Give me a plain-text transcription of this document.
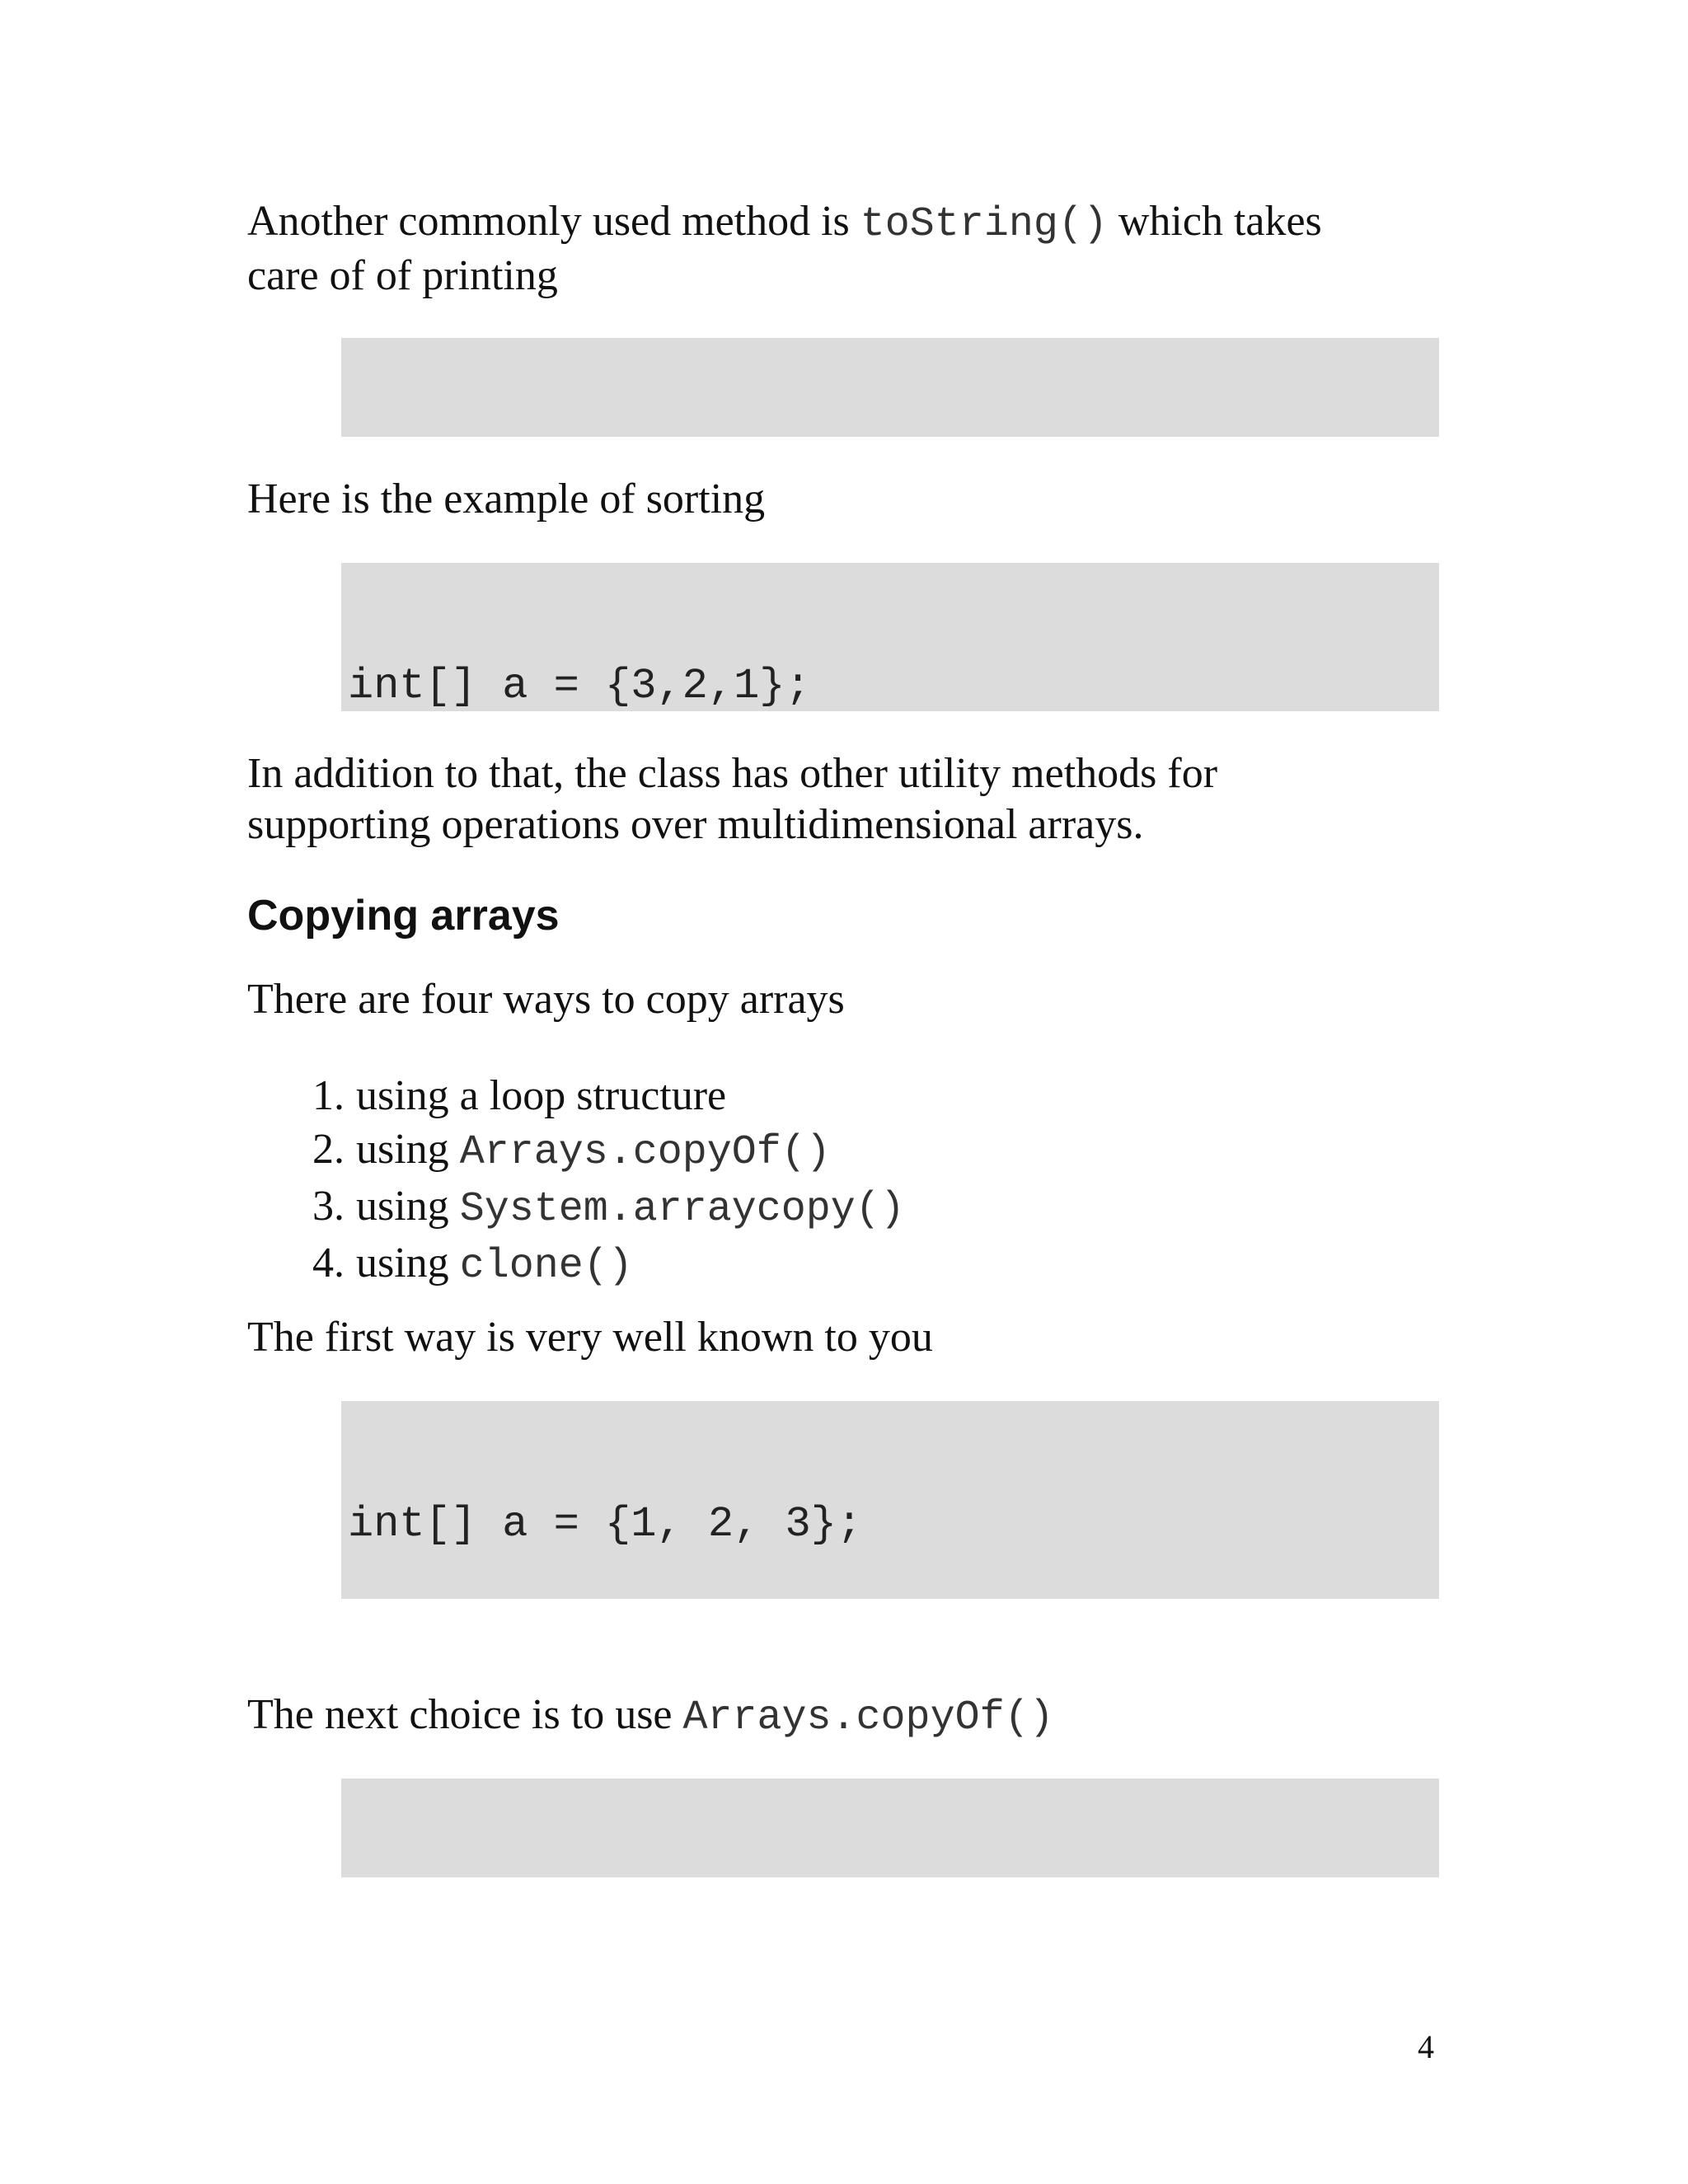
Another commonly used method is toString() which takes
care of of printing

Here is the example of sorting

int[] a = {3,2,1};

In addition to that, the class has other utility methods for
supporting operations over multidimensional arrays.

Copying arrays

There are four ways to copy arrays

1. using a loop structure
2. using Arrays.copyOf()
3. using System.arraycopy()
4. using clone()

The first way is very well known to you

int[] a = {1, 2, 3};

The next choice is to use Arrays.copyOf()

4
